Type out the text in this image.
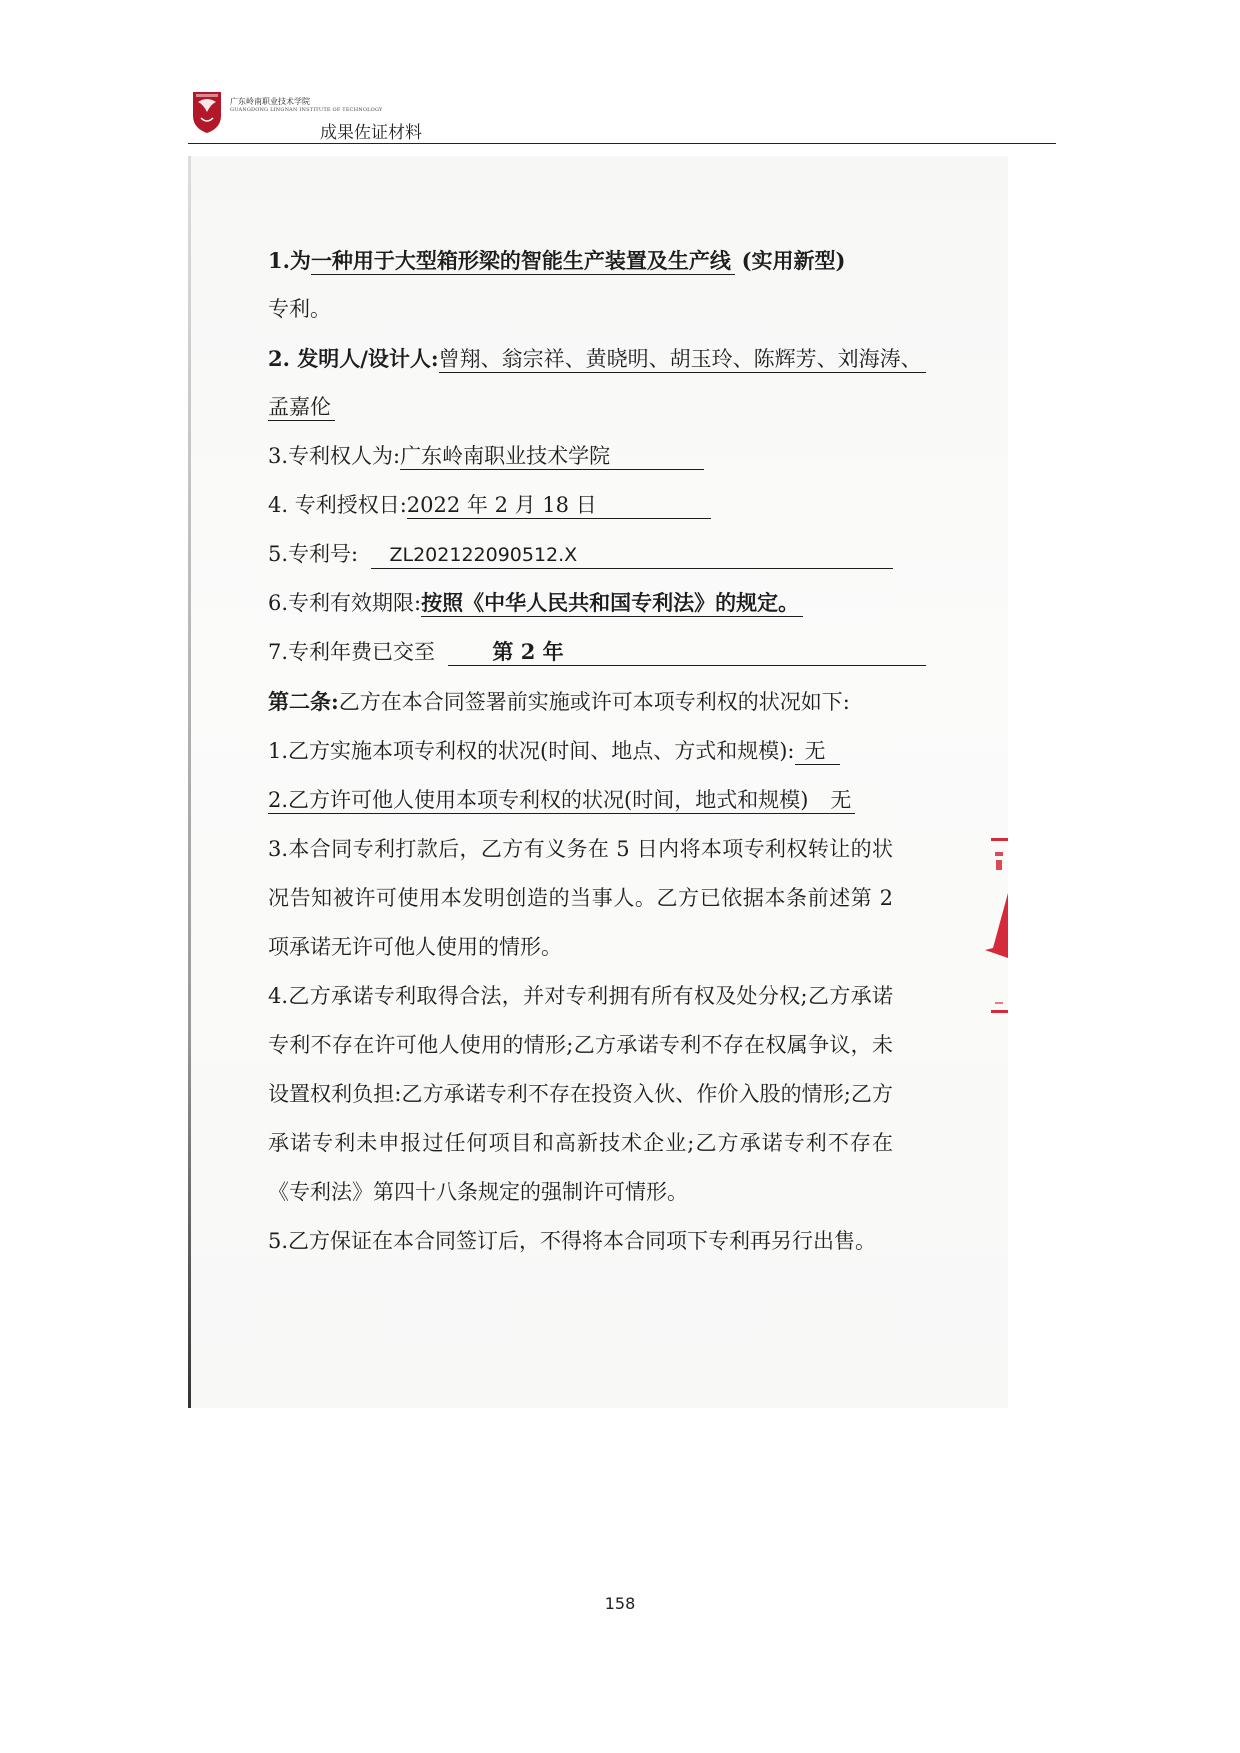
广东岭南职业技术学院
GUANGDONG LINGNAN INSTITUTE OF TECHNOLOGY
成果佐证材料
1.为一种用于大型箱形梁的智能生产装置及生产线 (实用新型)
专利。
2. 发明人/设计人:曾翔、翁宗祥、黄晓明、胡玉玲、陈辉芳、刘海涛、
孟嘉伦
3.专利权人为:广东岭南职业技术学院
4. 专利授权日:2022 年 2 月 18 日
5.专利号: ZL202122090512.X
6.专利有效期限:按照《中华人民共和国专利法》的规定。
7.专利年费已交至	第 2 年
第二条:乙方在本合同签署前实施或许可本项专利权的状况如下:
1.乙方实施本项专利权的状况(时间、地点、方式和规模): 无
2.乙方许可他人使用本项专利权的状况(时间，地式和规模) 无
3.本合同专利打款后，乙方有义务在 5 日内将本项专利权转让的状况告知被许可使用本发明创造的当事人。乙方已依据本条前述第 2 项承诺无许可他人使用的情形。
4.乙方承诺专利取得合法，并对专利拥有所有权及处分权;乙方承诺专利不存在许可他人使用的情形;乙方承诺专利不存在权属争议，未设置权利负担:乙方承诺专利不存在投资入伙、作价入股的情形;乙方承诺专利未申报过任何项目和高新技术企业;乙方承诺专利不存在《专利法》第四十八条规定的强制许可情形。
5.乙方保证在本合同签订后，不得将本合同项下专利再另行出售。
158
